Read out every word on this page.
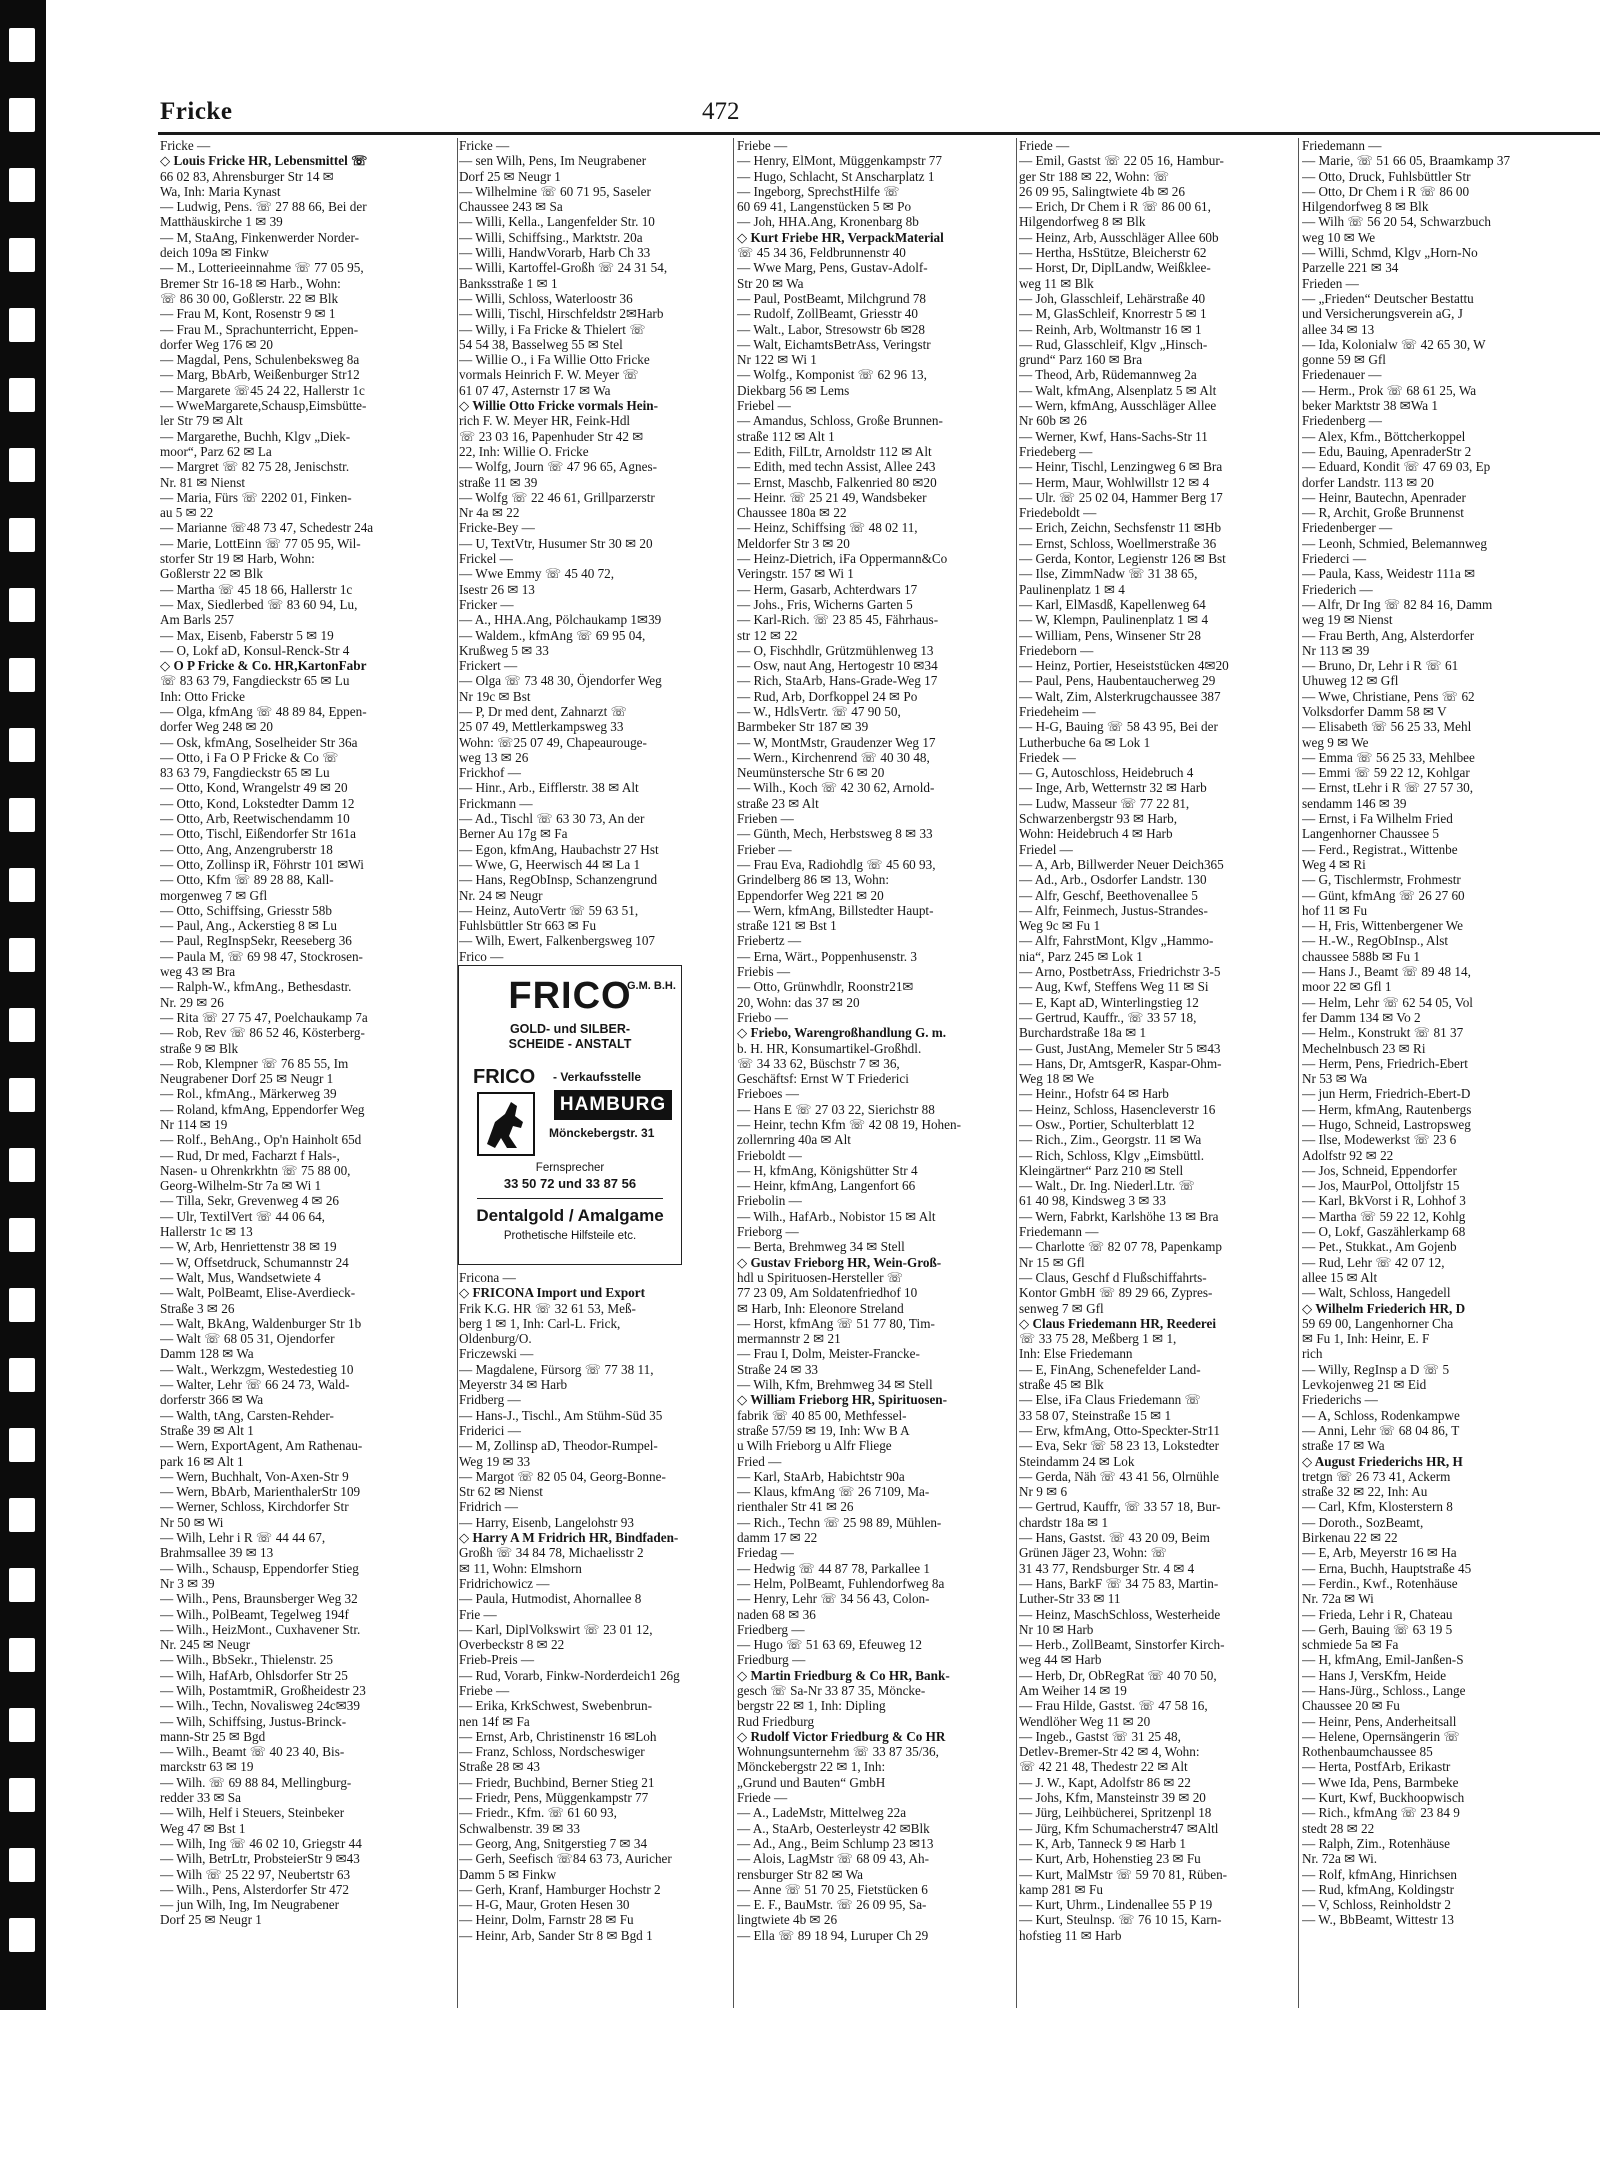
Fricke	472
Fricke —
◇ Louis Fricke HR, Lebensmittel ☏
66 02 83, Ahrensburger Str 14 ✉
Wa, Inh: Maria Kynast
— Ludwig, Pens. ☏ 27 88 66, Bei der
Matthäuskirche 1 ✉ 39
— M, StaAng, Finkenwerder Norder-
deich 109a ✉ Finkw
— M., Lotterieeinnahme ☏ 77 05 95,
Bremer Str 16-18 ✉ Harb., Wohn:
☏ 86 30 00, Goßlerstr. 22 ✉ Blk
— Frau M, Kont, Rosenstr 9 ✉ 1
— Frau M., Sprachunterricht, Eppen-
dorfer Weg 176 ✉ 20
— Magdal, Pens, Schulenbeksweg 8a
— Marg, BbArb, Weißenburger Str12
— Margarete ☏45 24 22, Hallerstr 1c
— WweMargarete,Schausp,Eimsbütte-
ler Str 79 ✉ Alt
— Margarethe, Buchh, Klgv „Diek-
moor“, Parz 62 ✉ La
— Margret ☏ 82 75 28, Jenischstr.
Nr. 81 ✉ Nienst
— Maria, Fürs ☏ 2202 01, Finken-
au 5 ✉ 22
— Marianne ☏48 73 47, Schedestr 24a
— Marie, LottEinn ☏ 77 05 95, Wil-
storfer Str 19 ✉ Harb, Wohn:
Goßlerstr 22 ✉ Blk
— Martha ☏ 45 18 66, Hallerstr 1c
— Max, Siedlerbed ☏ 83 60 94, Lu,
Am Barls 257
— Max, Eisenb, Faberstr 5 ✉ 19
— O, Lokf aD, Konsul-Renck-Str 4
◇ O P Fricke & Co. HR,KartonFabr
☏ 83 63 79, Fangdieckstr 65 ✉ Lu
Inh: Otto Fricke
— Olga, kfmAng ☏ 48 89 84, Eppen-
dorfer Weg 248 ✉ 20
— Osk, kfmAng, Soselheider Str 36a
— Otto, i Fa O P Fricke & Co ☏
83 63 79, Fangdieckstr 65 ✉ Lu
— Otto, Kond, Wrangelstr 49 ✉ 20
— Otto, Kond, Lokstedter Damm 12
— Otto, Arb, Reetwischendamm 10
— Otto, Tischl, Eißendorfer Str 161a
— Otto, Ang, Anzengruberstr 18
— Otto, Zollinsp iR, Föhrstr 101 ✉Wi
— Otto, Kfm ☏ 89 28 88, Kall-
morgenweg 7 ✉ Gfl
— Otto, Schiffsing, Griesstr 58b
— Paul, Ang., Ackerstieg 8 ✉ Lu
— Paul, RegInspSekr, Reeseberg 36
— Paula M, ☏ 69 98 47, Stockrosen-
weg 43 ✉ Bra
— Ralph-W., kfmAng., Bethesdastr.
Nr. 29 ✉ 26
— Rita ☏ 27 75 47, Poelchaukamp 7a
— Rob, Rev ☏ 86 52 46, Kösterberg-
straße 9 ✉ Blk
— Rob, Klempner ☏ 76 85 55, Im
Neugrabener Dorf 25 ✉ Neugr 1
— Rol., kfmAng., Märkerweg 39
— Roland, kfmAng, Eppendorfer Weg
Nr 114 ✉ 19
— Rolf., BehAng., Op'n Hainholt 65d
— Rud, Dr med, Facharzt f Hals-,
Nasen- u Ohrenkrkhtn ☏ 75 88 00,
Georg-Wilhelm-Str 7a ✉ Wi 1
— Tilla, Sekr, Grevenweg 4 ✉ 26
— Ulr, TextilVert ☏ 44 06 64,
Hallerstr 1c ✉ 13
— W, Arb, Henriettenstr 38 ✉ 19
— W, Offsetdruck, Schumannstr 24
— Walt, Mus, Wandsetwiete 4
— Walt, PolBeamt, Elise-Averdieck-
Straße 3 ✉ 26
— Walt, BkAng, Waldenburger Str 1b
— Walt ☏ 68 05 31, Ojendorfer
Damm 128 ✉ Wa
— Walt., Werkzgm, Westedestieg 10
— Walter, Lehr ☏ 66 24 73, Wald-
dorferstr 366 ✉ Wa
— Walth, tAng, Carsten-Rehder-
Straße 39 ✉ Alt 1
— Wern, ExportAgent, Am Rathenau-
park 16 ✉ Alt 1
— Wern, Buchhalt, Von-Axen-Str 9
— Wern, BbArb, MarienthalerStr 109
— Werner, Schloss, Kirchdorfer Str
Nr 50 ✉ Wi
— Wilh, Lehr i R ☏ 44 44 67,
Brahmsallee 39 ✉ 13
— Wilh., Schausp, Eppendorfer Stieg
Nr 3 ✉ 39
— Wilh., Pens, Braunsberger Weg 32
— Wilh., PolBeamt, Tegelweg 194f
— Wilh., HeizMont., Cuxhavener Str.
Nr. 245 ✉ Neugr
— Wilh., BbSekr., Thielenstr. 25
— Wilh, HafArb, Ohlsdorfer Str 25
— Wilh, PostamtmiR, Großheidestr 23
— Wilh., Techn, Novalisweg 24c✉39
— Wilh, Schiffsing, Justus-Brinck-
mann-Str 25 ✉ Bgd
— Wilh., Beamt ☏ 40 23 40, Bis-
marckstr 63 ✉ 19
— Wilh. ☏ 69 88 84, Mellingburg-
redder 33 ✉ Sa
— Wilh, Helf i Steuers, Steinbeker
Weg 47 ✉ Bst 1
— Wilh, Ing ☏ 46 02 10, Griegstr 44
— Wilh, BetrLtr, ProbsteierStr 9 ✉43
— Wilh ☏ 25 22 97, Neubertstr 63
— Wilh., Pens, Alsterdorfer Str 472
— jun Wilh, Ing, Im Neugrabener
Dorf 25 ✉ Neugr 1
Fricke —
— sen Wilh, Pens, Im Neugrabener
Dorf 25 ✉ Neugr 1
— Wilhelmine ☏ 60 71 95, Saseler
Chaussee 243 ✉ Sa
— Willi, Kella., Langenfelder Str. 10
— Willi, Schiffsing., Marktstr. 20a
— Willi, HandwVorarb, Harb Ch 33
— Willi, Kartoffel-Großh ☏ 24 31 54,
Banksstraße 1 ✉ 1
— Willi, Schloss, Waterloostr 36
— Willi, Tischl, Hirschfeldstr 2✉Harb
— Willy, i Fa Fricke & Thielert ☏
54 54 38, Basselweg 55 ✉ Stel
— Willie O., i Fa Willie Otto Fricke
vormals Heinrich F. W. Meyer ☏
61 07 47, Asternstr 17 ✉ Wa
◇ Willie Otto Fricke vormals Hein-
rich F. W. Meyer HR, Feink-Hdl
☏ 23 03 16, Papenhuder Str 42 ✉
22, Inh: Willie O. Fricke
— Wolfg, Journ ☏ 47 96 65, Agnes-
straße 11 ✉ 39
— Wolfg ☏ 22 46 61, Grillparzerstr
Nr 4a ✉ 22
Fricke-Bey —
— U, TextVtr, Husumer Str 30 ✉ 20
Frickel —
— Wwe Emmy ☏ 45 40 72,
Isestr 26 ✉ 13
Fricker —
— A., HHA.Ang, Pölchaukamp 1✉39
— Waldem., kfmAng ☏ 69 95 04,
Krußweg 5 ✉ 33
Frickert —
— Olga ☏ 73 48 30, Öjendorfer Weg
Nr 19c ✉ Bst
— P, Dr med dent, Zahnarzt ☏
25 07 49, Mettlerkampsweg 33
Wohn: ☏25 07 49, Chapeaurouge-
weg 13 ✉ 26
Frickhof —
— Hinr., Arb., Eifflerstr. 38 ✉ Alt
Frickmann —
— Ad., Tischl ☏ 63 30 73, An der
Berner Au 17g ✉ Fa
— Egon, kfmAng, Haubachstr 27 Hst
— Wwe, G, Heerwisch 44 ✉ La 1
— Hans, RegObInsp, Schanzengrund
Nr. 24 ✉ Neugr
— Heinz, AutoVertr ☏ 59 63 51,
Fuhlsbüttler Str 663 ✉ Fu
— Wilh, Ewert, Falkenbergsweg 107
Frico —

Fricona —
◇ FRICONA Import und Export
Frik K.G. HR ☏ 32 61 53, Meß-
berg 1 ✉ 1, Inh: Carl-L. Frick,
Oldenburg/O.
Friczewski —
— Magdalene, Fürsorg ☏ 77 38 11,
Meyerstr 34 ✉ Harb
Fridberg —
— Hans-J., Tischl., Am Stühm-Süd 35
Friderici —
— M, Zollinsp aD, Theodor-Rumpel-
Weg 19 ✉ 33
— Margot ☏ 82 05 04, Georg-Bonne-
Str 62 ✉ Nienst
Fridrich —
— Harry, Eisenb, Langelohstr 93
◇ Harry A M Fridrich HR, Bindfaden-
Großh ☏ 34 84 78, Michaelisstr 2
✉ 11, Wohn: Elmshorn
Fridrichowicz —
— Paula, Hutmodist, Ahornallee 8
Frie —
— Karl, DiplVolkswirt ☏ 23 01 12,
Overbeckstr 8 ✉ 22
Frieb-Preis —
— Rud, Vorarb, Finkw-Norderdeich1 26g
Friebe —
— Erika, KrkSchwest, Swebenbrun-
nen 14f ✉ Fa
— Ernst, Arb, Christinenstr 16 ✉Loh
— Franz, Schloss, Nordscheswiger
Straße 28 ✉ 43
— Friedr, Buchbind, Berner Stieg 21
— Friedr, Pens, Müggenkampstr 77
— Friedr., Kfm. ☏ 61 60 93,
Schwalbenstr. 39 ✉ 33
— Georg, Ang, Snitgerstieg 7 ✉ 34
— Gerh, Seefisch ☏84 63 73, Auricher
Damm 5 ✉ Finkw
— Gerh, Kranf, Hamburger Hochstr 2
— H-G, Maur, Groten Hesen 30
— Heinr, Dolm, Farnstr 28 ✉ Fu
— Heinr, Arb, Sander Str 8 ✉ Bgd 1
Friebe —
— Henry, ElMont, Müggenkampstr 77
— Hugo, Schlacht, St Anscharplatz 1
— Ingeborg, SprechstHilfe ☏
60 69 41, Langenstücken 5 ✉ Po
— Joh, HHA.Ang, Kronenbarg 8b
◇ Kurt Friebe HR, VerpackMaterial
☏ 45 34 36, Feldbrunnenstr 40
— Wwe Marg, Pens, Gustav-Adolf-
Str 20 ✉ Wa
— Paul, PostBeamt, Milchgrund 78
— Rudolf, ZollBeamt, Griesstr 40
— Walt., Labor, Stresowstr 6b ✉28
— Walt, EichamtsBetrAss, Veringstr
Nr 122 ✉ Wi 1
— Wolfg., Komponist ☏ 62 96 13,
Diekbarg 56 ✉ Lems
Friebel —
— Amandus, Schloss, Große Brunnen-
straße 112 ✉ Alt 1
— Edith, FilLtr, Arnoldstr 112 ✉ Alt
— Edith, med techn Assist, Allee 243
— Ernst, Maschb, Falkenried 80 ✉20
— Heinr. ☏ 25 21 49, Wandsbeker
Chaussee 180a ✉ 22
— Heinz, Schiffsing ☏ 48 02 11,
Meldorfer Str 3 ✉ 20
— Heinz-Dietrich, iFa Oppermann&Co
Veringstr. 157 ✉ Wi 1
— Herm, Gasarb, Achterdwars 17
— Johs., Fris, Wicherns Garten 5
— Karl-Rich. ☏ 23 85 45, Fährhaus-
str 12 ✉ 22
— O, Fischhdlr, Grützmühlenweg 13
— Osw, naut Ang, Hertogestr 10 ✉34
— Rich, StaArb, Hans-Grade-Weg 17
— Rud, Arb, Dorfkoppel 24 ✉ Po
— W., HdlsVertr. ☏ 47 90 50,
Barmbeker Str 187 ✉ 39
— W, MontMstr, Graudenzer Weg 17
— Wern., Kirchenrend ☏ 40 30 48,
Neumünstersche Str 6 ✉ 20
— Wilh., Koch ☏ 42 30 62, Arnold-
straße 23 ✉ Alt
Frieben —
— Günth, Mech, Herbstsweg 8 ✉ 33
Frieber —
— Frau Eva, Radiohdlg ☏ 45 60 93,
Grindelberg 86 ✉ 13, Wohn:
Eppendorfer Weg 221 ✉ 20
— Wern, kfmAng, Billstedter Haupt-
straße 121 ✉ Bst 1
Friebertz —
— Erna, Wärt., Poppenhusenstr. 3
Friebis —
— Otto, Grünwhdlr, Roonstr21✉
20, Wohn: das 37 ✉ 20
Friebo —
◇ Friebo, Warengroßhandlung G. m.
b. H. HR, Konsumartikel-Großhdl.
☏ 34 33 62, Büschstr 7 ✉ 36,
Geschäftsf: Ernst W T Friederici
Frieboes —
— Hans E ☏ 27 03 22, Sierichstr 88
— Heinr, techn Kfm ☏ 42 08 19, Hohen-
zollernring 40a ✉ Alt
Frieboldt —
— H, kfmAng, Königshütter Str 4
— Heinr, kfmAng, Langenfort 66
Friebolin —
— Wilh., HafArb., Nobistor 15 ✉ Alt
Frieborg —
— Berta, Brehmweg 34 ✉ Stell
◇ Gustav Frieborg HR, Wein-Groß-
hdl u Spirituosen-Hersteller ☏
77 23 09, Am Soldatenfriedhof 10
✉ Harb, Inh: Eleonore Streland
— Horst, kfmAng ☏ 51 77 80, Tim-
mermannstr 2 ✉ 21
— Frau I, Dolm, Meister-Francke-
Straße 24 ✉ 33
— Wilh, Kfm, Brehmweg 34 ✉ Stell
◇ William Frieborg HR, Spirituosen-
fabrik ☏ 40 85 00, Methfessel-
straße 57/59 ✉ 19, Inh: Ww B A
u Wilh Frieborg u Alfr Fliege
Fried —
— Karl, StaArb, Habichtstr 90a
— Klaus, kfmAng ☏ 26 7109, Ma-
rienthaler Str 41 ✉ 26
— Rich., Techn ☏ 25 98 89, Mühlen-
damm 17 ✉ 22
Friedag —
— Hedwig ☏ 44 87 78, Parkallee 1
— Helm, PolBeamt, Fuhlendorfweg 8a
— Henry, Lehr ☏ 34 56 43, Colon-
naden 68 ✉ 36
Friedberg —
— Hugo ☏ 51 63 69, Efeuweg 12
Friedburg —
◇ Martin Friedburg & Co HR, Bank-
gesch ☏ Sa-Nr 33 87 35, Möncke-
bergstr 22 ✉ 1, Inh: Dipling
Rud Friedburg
◇ Rudolf Victor Friedburg & Co HR
Wohnungsunternehm ☏ 33 87 35/36,
Mönckebergstr 22 ✉ 1, Inh:
„Grund und Bauten“ GmbH
Friede —
— A., LadeMstr, Mittelweg 22a
— A., StaArb, Oesterleystr 42 ✉Blk
— Ad., Ang., Beim Schlump 23 ✉13
— Alois, LagMstr ☏ 68 09 43, Ah-
rensburger Str 82 ✉ Wa
— Anne ☏ 51 70 25, Fietstücken 6
— E. F., BauMstr. ☏ 26 09 95, Sa-
lingtwiete 4b ✉ 26
— Ella ☏ 89 18 94, Luruper Ch 29
Friede —
— Emil, Gastst ☏ 22 05 16, Hambur-
ger Str 188 ✉ 22, Wohn: ☏
26 09 95, Salingtwiete 4b ✉ 26
— Erich, Dr Chem i R ☏ 86 00 61,
Hilgendorfweg 8 ✉ Blk
— Heinz, Arb, Ausschläger Allee 60b
— Hertha, HsStütze, Bleicherstr 62
— Horst, Dr, DiplLandw, Weißklee-
weg 11 ✉ Blk
— Joh, Glasschleif, Lehärstraße 40
— M, GlasSchleif, Knorrestr 5 ✉ 1
— Reinh, Arb, Woltmanstr 16 ✉ 1
— Rud, Glasschleif, Klgv „Hinsch-
grund“ Parz 160 ✉ Bra
— Theod, Arb, Rüdemannweg 2a
— Walt, kfmAng, Alsenplatz 5 ✉ Alt
— Wern, kfmAng, Ausschläger Allee
Nr 60b ✉ 26
— Werner, Kwf, Hans-Sachs-Str 11
Friedeberg —
— Heinr, Tischl, Lenzingweg 6 ✉ Bra
— Herm, Maur, Wohlwillstr 12 ✉ 4
— Ulr. ☏ 25 02 04, Hammer Berg 17
Friedeboldt —
— Erich, Zeichn, Sechsfenstr 11 ✉Hb
— Ernst, Schloss, Woellmerstraße 36
— Gerda, Kontor, Legienstr 126 ✉ Bst
— Ilse, ZimmNadw ☏ 31 38 65,
Paulinenplatz 1 ✉ 4
— Karl, ElMasdß, Kapellenweg 64
— W, Klempn, Paulinenplatz 1 ✉ 4
— William, Pens, Winsener Str 28
Friedeborn —
— Heinz, Portier, Heseiststücken 4✉20
— Paul, Pens, Haubentaucherweg 29
— Walt, Zim, Alsterkrugchaussee 387
Friedeheim —
— H-G, Bauing ☏ 58 43 95, Bei der
Lutherbuche 6a ✉ Lok 1
Friedek —
— G, Autoschloss, Heidebruch 4
— Inge, Arb, Wetternstr 32 ✉ Harb
— Ludw, Masseur ☏ 77 22 81,
Schwarzenbergstr 93 ✉ Harb,
Wohn: Heidebruch 4 ✉ Harb
Friedel —
— A, Arb, Billwerder Neuer Deich365
— Ad., Arb., Osdorfer Landstr. 130
— Alfr, Geschf, Beethovenallee 5
— Alfr, Feinmech, Justus-Strandes-
Weg 9c ✉ Fu 1
— Alfr, FahrstMont, Klgv „Hammo-
nia“, Parz 245 ✉ Lok 1
— Arno, PostbetrAss, Friedrichstr 3-5
— Aug, Kwf, Steffens Weg 11 ✉ Si
— E, Kapt aD, Winterlingstieg 12
— Gertrud, Kauffr., ☏ 33 57 18,
Burchardstraße 18a ✉ 1
— Gust, JustAng, Memeler Str 5 ✉43
— Hans, Dr, AmtsgerR, Kaspar-Ohm-
Weg 18 ✉ We
— Heinr., Hofstr 64 ✉ Harb
— Heinz, Schloss, Hasencleverstr 16
— Osw., Portier, Schulterblatt 12
— Rich., Zim., Georgstr. 11 ✉ Wa
— Rich, Schloss, Klgv „Eimsbüttl.
Kleingärtner“ Parz 210 ✉ Stell
— Walt., Dr. Ing. Niederl.Ltr. ☏
61 40 98, Kindsweg 3 ✉ 33
— Wern, Fabrkt, Karlshöhe 13 ✉ Bra
Friedemann —
— Charlotte ☏ 82 07 78, Papenkamp
Nr 15 ✉ Gfl
— Claus, Geschf d Flußschiffahrts-
Kontor GmbH ☏ 89 29 66, Zypres-
senweg 7 ✉ Gfl
◇ Claus Friedemann HR, Reederei
☏ 33 75 28, Meßberg 1 ✉ 1,
Inh: Else Friedemann
— E, FinAng, Schenefelder Land-
straße 45 ✉ Blk
— Else, iFa Claus Friedemann ☏
33 58 07, Steinstraße 15 ✉ 1
— Erw, kfmAng, Otto-Speckter-Str11
— Eva, Sekr ☏ 58 23 13, Lokstedter
Steindamm 24 ✉ Lok
— Gerda, Näh ☏ 43 41 56, Olrnühle
Nr 9 ✉ 6
— Gertrud, Kauffr, ☏ 33 57 18, Bur-
chardstr 18a ✉ 1
— Hans, Gastst. ☏ 43 20 09, Beim
Grünen Jäger 23, Wohn: ☏
31 43 77, Rendsburger Str. 4 ✉ 4
— Hans, BarkF ☏ 34 75 83, Martin-
Luther-Str 33 ✉ 11
— Heinz, MaschSchloss, Westerheide
Nr 10 ✉ Harb
— Herb., ZollBeamt, Sinstorfer Kirch-
weg 44 ✉ Harb
— Herb, Dr, ObRegRat ☏ 40 70 50,
Am Weiher 14 ✉ 19
— Frau Hilde, Gastst. ☏ 47 58 16,
Wendlöher Weg 11 ✉ 20
— Ingeb., Gastst ☏ 31 25 48,
Detlev-Bremer-Str 42 ✉ 4, Wohn:
☏ 42 21 48, Thedestr 22 ✉ Alt
— J. W., Kapt, Adolfstr 86 ✉ 22
— Johs, Kfm, Mansteinstr 39 ✉ 20
— Jürg, Leihbücherei, Spritzenpl 18
— Jürg, Kfm Schumacherstr47 ✉Altl
— K, Arb, Tanneck 9 ✉ Harb 1
— Kurt, Arb, Hohenstieg 23 ✉ Fu
— Kurt, MalMstr ☏ 59 70 81, Rüben-
kamp 281 ✉ Fu
— Kurt, Uhrm., Lindenallee 55 P 19
— Kurt, Steulnsp. ☏ 76 10 15, Karn-
hofstieg 11 ✉ Harb
Friedemann —
— Marie, ☏ 51 66 05, Braamkamp 37
— Otto, Druck, Fuhlsbüttler Str
— Otto, Dr Chem i R ☏ 86 00
Hilgendorfweg 8 ✉ Blk
— Wilh ☏ 56 20 54, Schwarzbuch
weg 10 ✉ We
— Willi, Schmd, Klgv „Horn-No
Parzelle 221 ✉ 34
Frieden —
— „Frieden“ Deutscher Bestattu
und Versicherungsverein aG, J
allee 34 ✉ 13
— Ida, Kolonialw ☏ 42 65 30, W
gonne 59 ✉ Gfl
Friedenauer —
— Herm., Prok ☏ 68 61 25, Wa
beker Marktstr 38 ✉Wa 1
Friedenberg —
— Alex, Kfm., Böttcherkoppel
— Edu, Bauing, ApenraderStr 2
— Eduard, Kondit ☏ 47 69 03, Ep
dorfer Landstr. 113 ✉ 20
— Heinr, Bautechn, Apenrader
— R, Archit, Große Brunnenst
Friedenberger —
— Leonh, Schmied, Belemannweg
Friederci —
— Paula, Kass, Weidestr 111a ✉
Friederich —
— Alfr, Dr Ing ☏ 82 84 16, Damm
weg 19 ✉ Nienst
— Frau Berth, Ang, Alsterdorfer
Nr 113 ✉ 39
— Bruno, Dr, Lehr i R ☏ 61
Uhuweg 12 ✉ Gfl
— Wwe, Christiane, Pens ☏ 62
Volksdorfer Damm 58 ✉ V
— Elisabeth ☏ 56 25 33, Mehl
weg 9 ✉ We
— Emma ☏ 56 25 33, Mehlbee
— Emmi ☏ 59 22 12, Kohlgar
— Ernst, tLehr i R ☏ 27 57 30,
sendamm 146 ✉ 39
— Ernst, i Fa Wilhelm Fried
Langenhorner Chaussee 5
— Ferd., Registrat., Wittenbe
Weg 4 ✉ Ri
— G, Tischlermstr, Frohmestr
— Günt, kfmAng ☏ 26 27 60
hof 11 ✉ Fu
— H, Fris, Wittenbergener We
— H.-W., RegObInsp., Alst
chaussee 588b ✉ Fu 1
— Hans J., Beamt ☏ 89 48 14,
moor 22 ✉ Gfl 1
— Helm, Lehr ☏ 62 54 05, Vol
fer Damm 134 ✉ Vo 2
— Helm., Konstrukt ☏ 81 37
Mechelnbusch 23 ✉ Ri
— Herm, Pens, Friedrich-Ebert
Nr 53 ✉ Wa
— jun Herm, Friedrich-Ebert-D
— Herm, kfmAng, Rautenbergs
— Hugo, Schneid, Lastropsweg
— Ilse, Modewerkst ☏ 23 6
Adolfstr 92 ✉ 22
— Jos, Schneid, Eppendorfer
— Jos, MaurPol, Ottoljfstr 15
— Karl, BkVorst i R, Lohhof 3
— Martha ☏ 59 22 12, Kohlg
— O, Lokf, Gaszählerkamp 68
— Pet., Stukkat., Am Gojenb
— Rud, Lehr ☏ 42 07 12,
allee 15 ✉ Alt
— Walt, Schloss, Hangedell
◇ Wilhelm Friederich HR, D
59 69 00, Langenhorner Cha
✉ Fu 1, Inh: Heinr, E. F
rich
— Willy, RegInsp a D ☏ 5
Levkojenweg 21 ✉ Eid
Friederichs —
— A, Schloss, Rodenkampwe
— Anni, Lehr ☏ 68 04 86, T
straße 17 ✉ Wa
◇ August Friederichs HR, H
tretgn ☏ 26 73 41, Ackerm
straße 32 ✉ 22, Inh: Au
— Carl, Kfm, Klosterstern 8
— Doroth., SozBeamt,
Birkenau 22 ✉ 22
— E, Arb, Meyerstr 16 ✉ Ha
— Erna, Buchh, Hauptstraße 45
— Ferdin., Kwf., Rotenhäuse
Nr. 72a ✉ Wi
— Frieda, Lehr i R, Chateau
— Gerh, Bauing ☏ 63 19 5
schmiede 5a ✉ Fa
— H, kfmAng, Emil-Janßen-S
— Hans J, VersKfm, Heide
— Hans-Jürg., Schloss., Lange
Chaussee 20 ✉ Fu
— Heinr, Pens, Anderheitsall
— Helene, Opernsängerin ☏
Rothenbaumchaussee 85
— Herta, PostfArb, Erikastr
— Wwe Ida, Pens, Barmbeke
— Kurt, Kwf, Buckhoopwisch
— Rich., kfmAng ☏ 23 84 9
stedt 28 ✉ 22
— Ralph, Zim., Rotenhäuse
Nr. 72a ✉ Wi.
— Rolf, kfmAng, Hinrichsen
— Rud, kfmAng, Koldingstr
— V, Schloss, Reinholdstr 2
— W., BbBeamt, Wittestr 13
FRICO
G.M. B.H.
GOLD- und SILBER-
SCHEIDE - ANSTALT
FRICO - Verkaufsstelle
HAMBURG
Mönckebergstr. 31
Fernsprecher
33 50 72 und 33 87 56
Dentalgold / Amalgame
Prothetische Hilfsteile etc.
